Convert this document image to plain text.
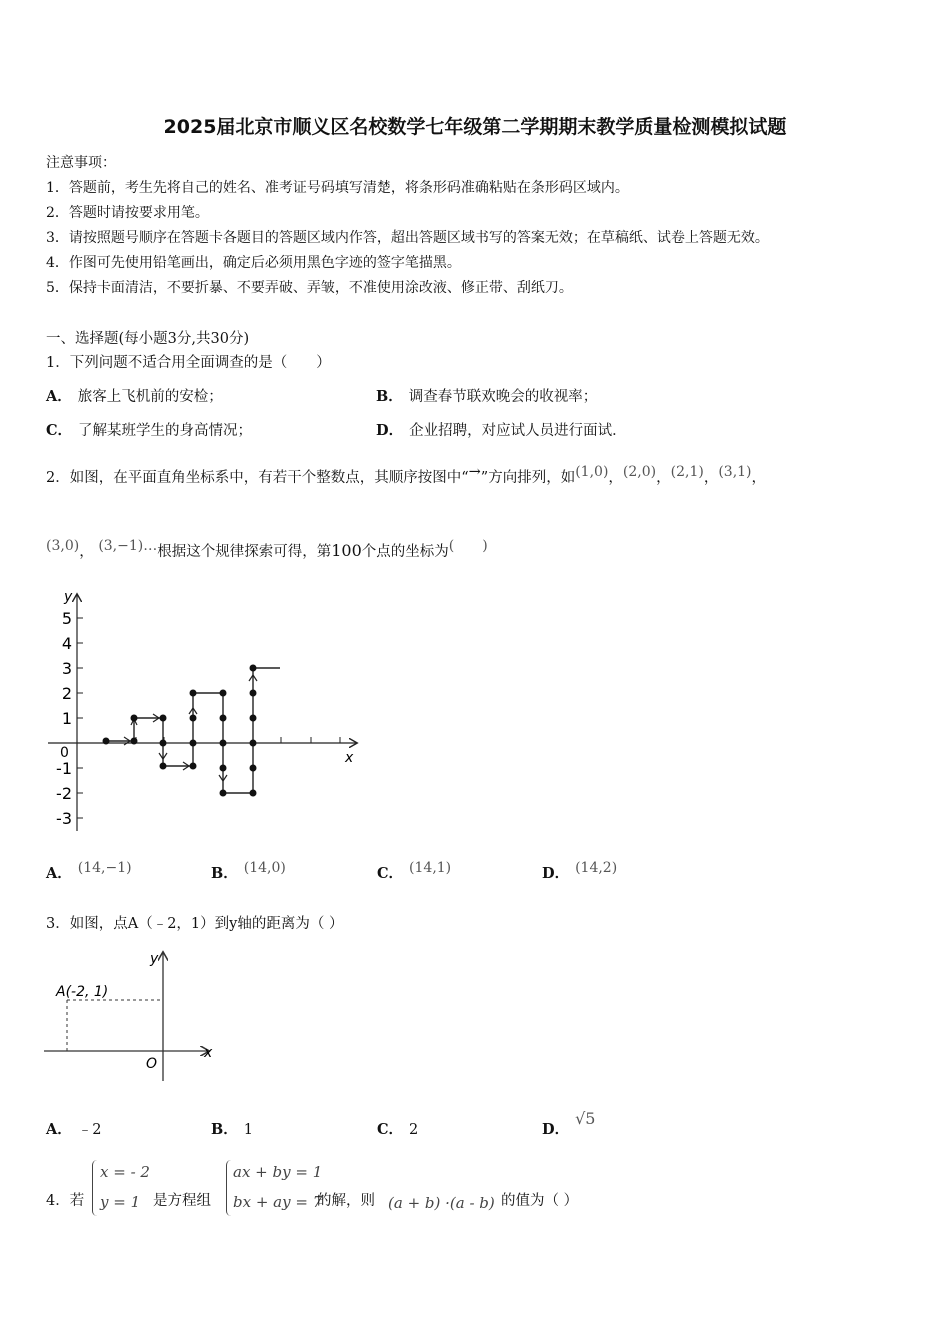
2025届北京市顺义区名校数学七年级第二学期期末教学质量检测模拟试题
注意事项：
1．答题前，考生先将自己的姓名、准考证号码填写清楚，将条形码准确粘贴在条形码区域内。
2．答题时请按要求用笔。
3．请按照题号顺序在答题卡各题目的答题区域内作答，超出答题区域书写的答案无效；在草稿纸、试卷上答题无效。
4．作图可先使用铅笔画出，确定后必须用黑色字迹的签字笔描黑。
5．保持卡面清洁，不要折暴、不要弄破、弄皱，不准使用涂改液、修正带、刮纸刀。
一、选择题(每小题3分,共30分)
1．下列问题不适合用全面调查的是（　　）
A． 旅客上飞机前的安检；	B． 调查春节联欢晚会的收视率；
C． 了解某班学生的身高情况；	D． 企业招聘，对应试人员进行面试．
2．如图，在平面直角坐标系中，有若干个整数点，其顺序按图中“→”方向排列，如(1,0)，(2,0)，(2,1)，(3,1)，
(3,0)， (3,−1)…根据这个规律探索可得，第100个点的坐标为(　　)
x
y
0
5
4
3
2
1
-1
-2
-3
A． (14,−1)	B． (14,0)	C． (14,1)	D． (14,2)
3．如图，点A（﹣2，1）到y轴的距离为（ ）
A(-2, 1)
x
y
O
A． ﹣2	B． 1	C． 2	D．√5
4．若
x = - 2
y = 1 是方程组
ax + by = 1
bx + ay = 7
的解，则 (a + b) ·(a - b) 的值为（ ）
